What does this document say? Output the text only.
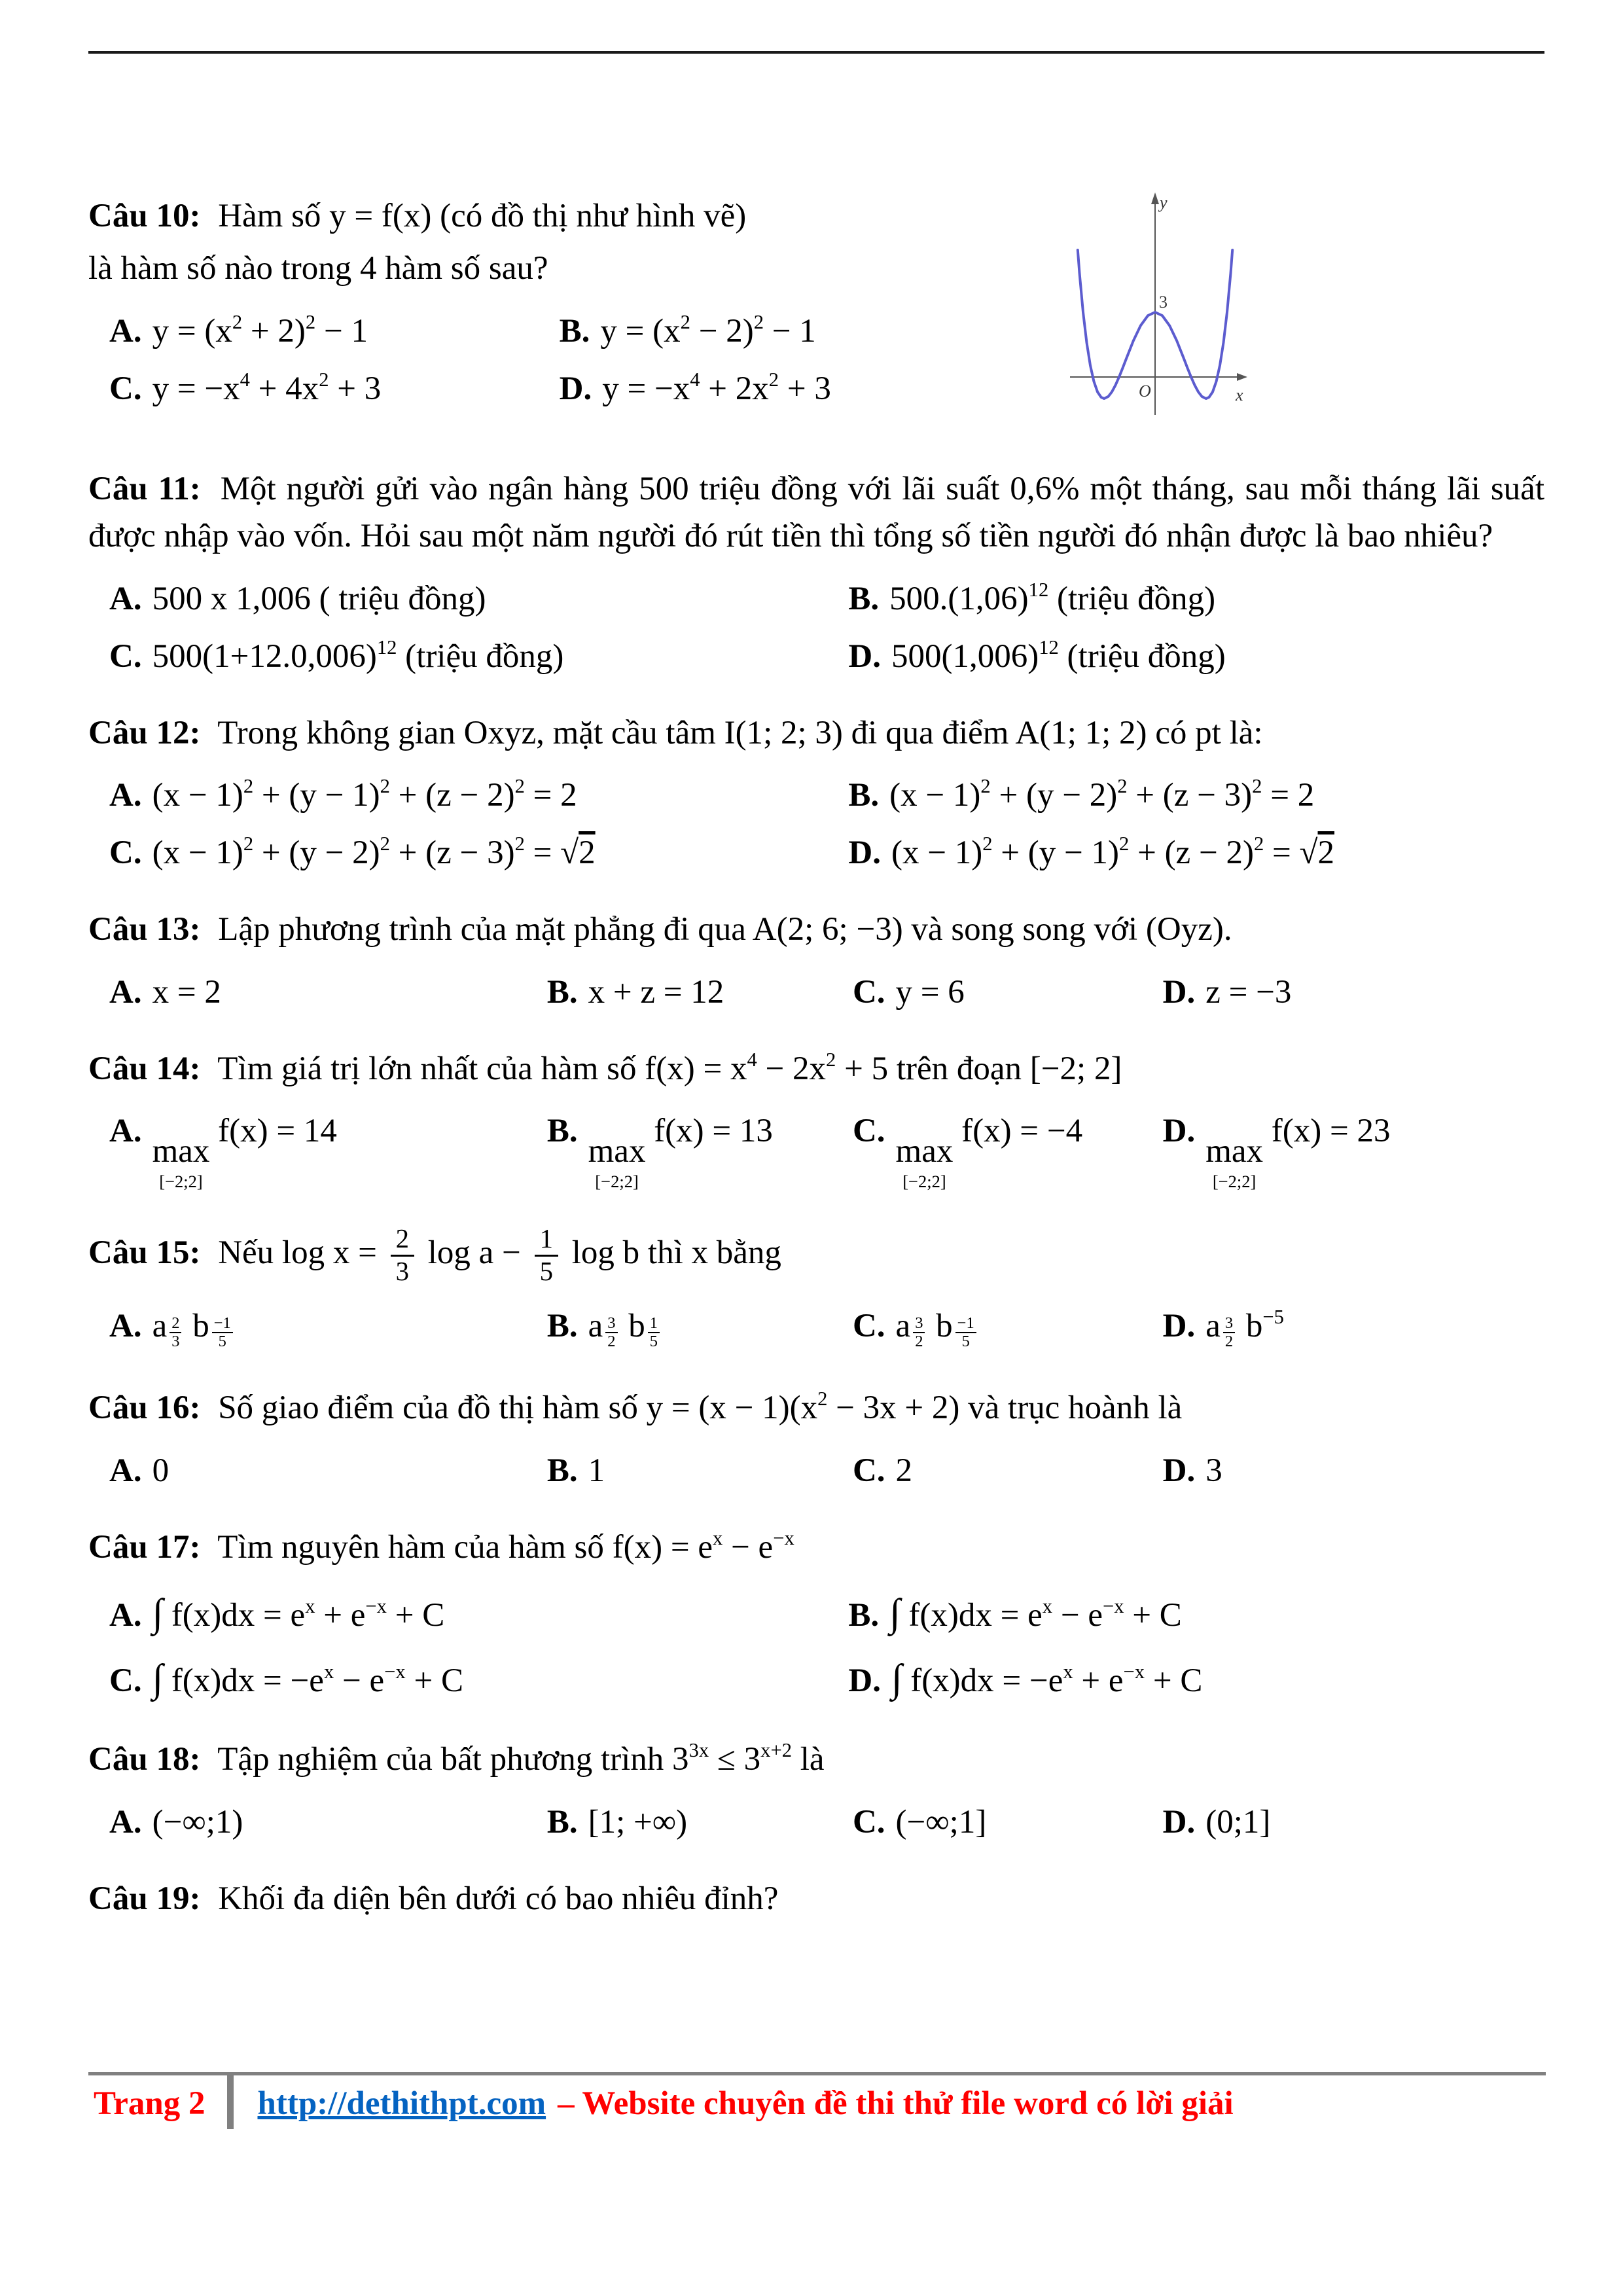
Câu 10: Hàm số y = f(x) (có đồ thị như hình vẽ)

là hàm số nào trong 4 hàm số sau?

A. $y = (x^2 + 2)^2 - 1$	B. $y = (x^2 - 2)^2 - 1$
C. $y = -x^4 + 4x^2 + 3$	D. $y = -x^4 + 2x^2 + 3$
y
x
O
3

Câu 11: Một người gửi vào ngân hàng 500 triệu đồng với lãi suất 0,6% một tháng, sau mỗi tháng lãi suất được nhập vào vốn. Hỏi sau một năm người đó rút tiền thì tổng số tiền người đó nhận được là bao nhiêu?

A. 500 x 1,006 ( triệu đồng)	B. $500.(1,06)^{12}$ (triệu đồng)
C. $500(1+12.0,006)^{12}$ (triệu đồng)	D. $500(1,006)^{12}$ (triệu đồng)

Câu 12: Trong không gian Oxyz, mặt cầu tâm I(1; 2; 3) đi qua điểm A(1; 1; 2) có pt là:

A. $(x - 1)^2 + (y - 1)^2 + (z - 2)^2 = 2$	B. $(x - 1)^2 + (y - 2)^2 + (z - 3)^2 = 2$
C. $(x - 1)^2 + (y - 2)^2 + (z - 3)^2 = √2$	D. $(x - 1)^2 + (y - 1)^2 + (z - 2)^2 = √2$

Câu 13: Lập phương trình của mặt phẳng đi qua A(2; 6; −3) và song song với (Oyz).

A. x = 2	B. x + z = 12	C. y = 6	D. z = −3

Câu 14: Tìm giá trị lớn nhất của hàm số $f(x) = x^4 - 2x^2 + 5$ trên đoạn [−2; 2]

A.max
[−2;2]
f(x) = 14	B.max
[−2;2]
f(x) = 13	C.max
[−2;2]
f(x) = −4	D.max
[−2;2]
f(x) = 23

Câu 15: Nếu $\log x = \frac{2}{3}$ $\log a - \frac{1}{5}$ log b thì x bằng

A. a $\frac{2}{3}$ b $\frac{-1}{5}$	B. a $\frac{3}{2}$ b $\frac{1}{5}$	C. a $\frac{3}{2}$ b $\frac{-1}{5}$	D. a $\frac{3}{2} b^{-5}$

Câu 16: Số giao điểm của đồ thị hàm số $y = (x - 1)(x^2 - 3x + 2)$ và trục hoành là

A. 0	B. 1	C. 2	D. 3

Câu 17: Tìm nguyên hàm của hàm số $f(x) = e^x - e^{-x}$

A. ∫ $f(x)dx = e^x + e^{-x} + C$	B. ∫ $f(x)dx = e^x - e^{-x} + C$
C. ∫ $f(x)dx = -e^x - e^{-x} + C$	D. ∫ $f(x)dx = -e^x + e^{-x} + C$

Câu 18: Tập nghiệm của bất phương trình $3^{3x} \le 3^{x+2}$ là

A. (−∞;1)	B. [1; +∞)	C. (−∞;1]	D. (0;1]

Câu 19: Khối đa diện bên dưới có bao nhiêu đỉnh?

Trang 2	http://dethithpt.com – Website chuyên đề thi thử file word có lời giải
